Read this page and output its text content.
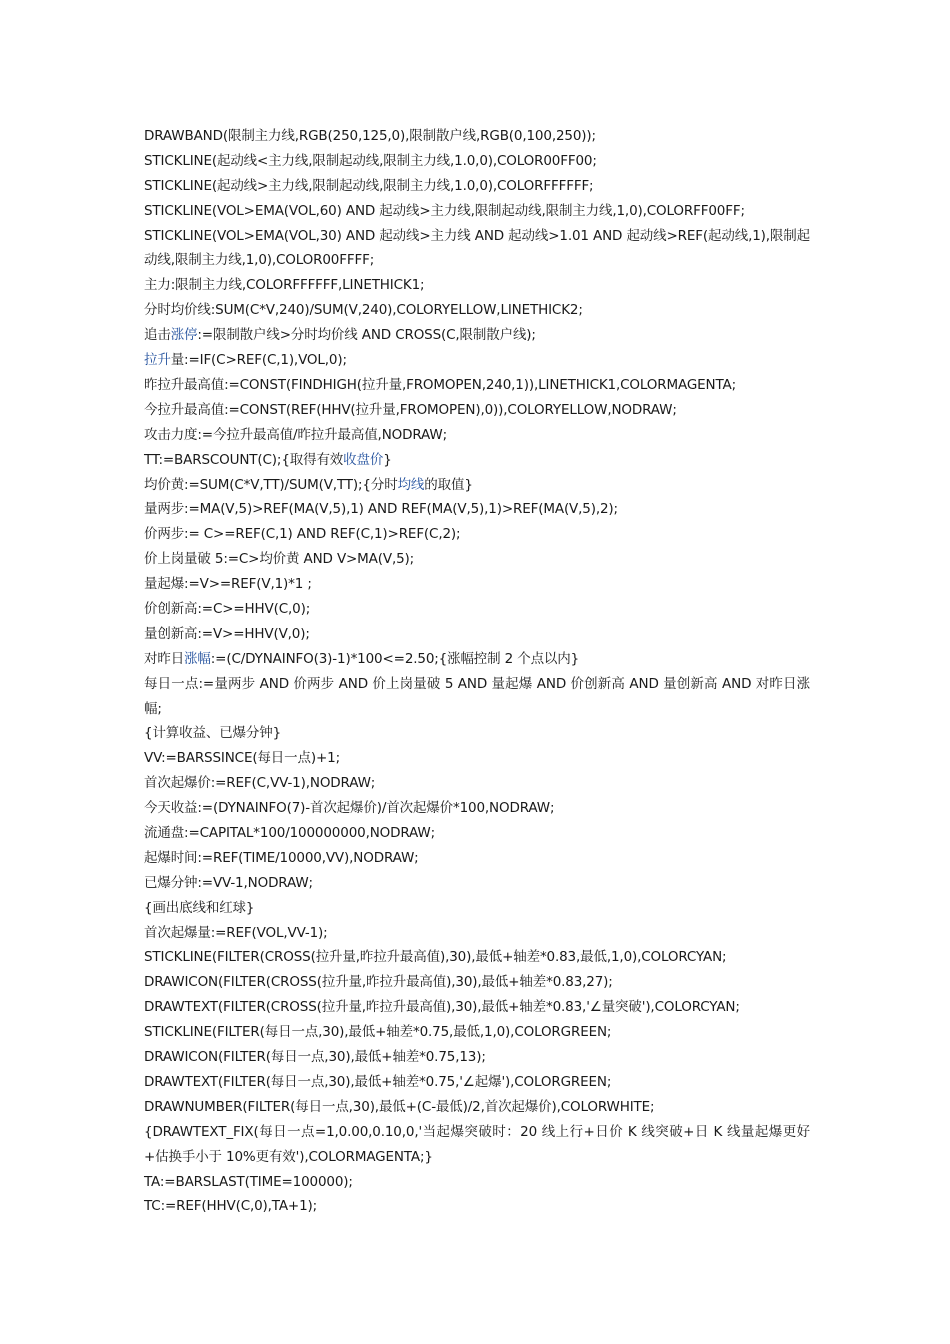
DRAWBAND(限制主力线,RGB(250,125,0),限制散户线,RGB(0,100,250));
STICKLINE(起动线<主力线,限制起动线,限制主力线,1.0,0),COLOR00FF00;
STICKLINE(起动线>主力线,限制起动线,限制主力线,1.0,0),COLORFFFFFF;
STICKLINE(VOL>EMA(VOL,60) AND 起动线>主力线,限制起动线,限制主力线,1,0),COLORFF00FF;
STICKLINE(VOL>EMA(VOL,30) AND 起动线>主力线 AND 起动线>1.01 AND 起动线>REF(起动线,1),限制起动线,限制主力线,1,0),COLOR00FFFF;
主力:限制主力线,COLORFFFFFF,LINETHICK1;
分时均价线:SUM(C*V,240)/SUM(V,240),COLORYELLOW,LINETHICK2;
追击涨停:=限制散户线>分时均价线 AND CROSS(C,限制散户线);
拉升量:=IF(C>REF(C,1),VOL,0);
昨拉升最高值:=CONST(FINDHIGH(拉升量,FROMOPEN,240,1)),LINETHICK1,COLORMAGENTA;
今拉升最高值:=CONST(REF(HHV(拉升量,FROMOPEN),0)),COLORYELLOW,NODRAW;
攻击力度:=今拉升最高值/昨拉升最高值,NODRAW;
TT:=BARSCOUNT(C);{取得有效收盘价}
均价黄:=SUM(C*V,TT)/SUM(V,TT);{分时均线的取值}
量两步:=MA(V,5)>REF(MA(V,5),1) AND REF(MA(V,5),1)>REF(MA(V,5),2);
价两步:= C>=REF(C,1) AND REF(C,1)>REF(C,2);
价上岗量破 5:=C>均价黄 AND V>MA(V,5);
量起爆:=V>=REF(V,1)*1 ;
价创新高:=C>=HHV(C,0);
量创新高:=V>=HHV(V,0);
对昨日涨幅:=(C/DYNAINFO(3)-1)*100<=2.50;{涨幅控制 2 个点以内}
每日一点:=量两步 AND 价两步 AND 价上岗量破 5 AND 量起爆 AND 价创新高 AND 量创新高 AND 对昨日涨幅;
{计算收益、已爆分钟}
VV:=BARSSINCE(每日一点)+1;
首次起爆价:=REF(C,VV-1),NODRAW;
今天收益:=(DYNAINFO(7)-首次起爆价)/首次起爆价*100,NODRAW;
流通盘:=CAPITAL*100/100000000,NODRAW;
起爆时间:=REF(TIME/10000,VV),NODRAW;
已爆分钟:=VV-1,NODRAW;
{画出底线和红球}
首次起爆量:=REF(VOL,VV-1);
STICKLINE(FILTER(CROSS(拉升量,昨拉升最高值),30),最低+轴差*0.83,最低,1,0),COLORCYAN;
DRAWICON(FILTER(CROSS(拉升量,昨拉升最高值),30),最低+轴差*0.83,27);
DRAWTEXT(FILTER(CROSS(拉升量,昨拉升最高值),30),最低+轴差*0.83,'∠量突破'),COLORCYAN;
STICKLINE(FILTER(每日一点,30),最低+轴差*0.75,最低,1,0),COLORGREEN;
DRAWICON(FILTER(每日一点,30),最低+轴差*0.75,13);
DRAWTEXT(FILTER(每日一点,30),最低+轴差*0.75,'∠起爆'),COLORGREEN;
DRAWNUMBER(FILTER(每日一点,30),最低+(C-最低)/2,首次起爆价),COLORWHITE;
{DRAWTEXT_FIX(每日一点=1,0.00,0.10,0,'当起爆突破时：20 线上行+日价 K 线突破+日 K 线量起爆更好+估换手小于 10%更有效'),COLORMAGENTA;}
TA:=BARSLAST(TIME=100000);
TC:=REF(HHV(C,0),TA+1);
